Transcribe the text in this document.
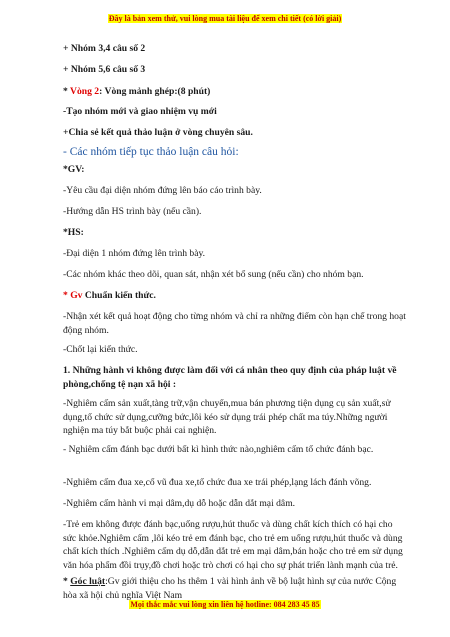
Đây là bản xem thử, vui lòng mua tài liệu để xem chi tiết (có lời giải)
+ Nhóm 3,4 câu số 2
+ Nhóm 5,6 câu số 3
* Vòng 2: Vòng mảnh ghép:(8 phút)
-Tạo nhóm mới và giao nhiệm vụ mới
+Chia sẻ kết quả thảo luận ở vòng chuyên sâu.
- Các nhóm tiếp tục thảo luận câu hỏi:
*GV:
-Yêu cầu đại diện nhóm đứng lên báo cáo trình bày.
-Hướng dẫn HS trình bày (nếu cần).
*HS:
-Đại diện 1 nhóm đứng lên trình bày.
-Các nhóm khác theo dõi, quan sát, nhận xét bổ sung (nếu cần) cho nhóm bạn.
* Gv Chuẩn kiến thức.
-Nhận xét kết quả hoạt động cho từng nhóm và chỉ ra những điểm còn hạn chế trong hoạt động nhóm.
-Chốt lại kiến thức.
1. Những hành vi không được làm đối với cá nhân theo quy định của pháp luật về phòng,chống tệ nạn xã hội :
-Nghiêm cấm sản xuất,tàng trữ,vận chuyển,mua bán phương tiện dụng cụ sản xuất,sử dụng,tổ chức sử dụng,cưỡng bức,lôi kéo sử dụng trái phép chất ma túy.Những người nghiện ma túy bắt buộc phải cai nghiện.
- Nghiêm cấm đánh bạc dưới bất kì hình thức nào,nghiêm cấm tổ chức đánh bạc.
-Nghiêm cấm đua xe,cổ vũ đua xe,tổ chức đua xe trái phép,lạng lách đánh võng.
-Nghiêm cấm hành vi mại dâm,dụ dỗ hoặc dẫn dắt mại dâm.
-Trẻ em không được đánh bạc,uống rượu,hút thuốc và dùng chất kích thích có hại cho sức khỏe.Nghiêm cấm ,lôi kéo trẻ em đánh bạc, cho trẻ em uống rượu,hút thuốc và dùng chất kích thích .Nghiêm cấm dụ dỗ,dẫn dắt trẻ em mại dâm,bán hoặc cho trẻ em sử dụng văn hóa phẩm đồi trụy,đồ chơi hoặc trò chơi có hại cho sự phát triển lành mạnh của trẻ.
* Góc luật:Gv giới thiệu cho hs thêm 1 vài hình ảnh về bộ luật hình sự của nước Cộng hòa xã hội chủ nghĩa Việt Nam
Mọi thắc mắc vui lòng xin liên hệ hotline: 084 283 45 85
